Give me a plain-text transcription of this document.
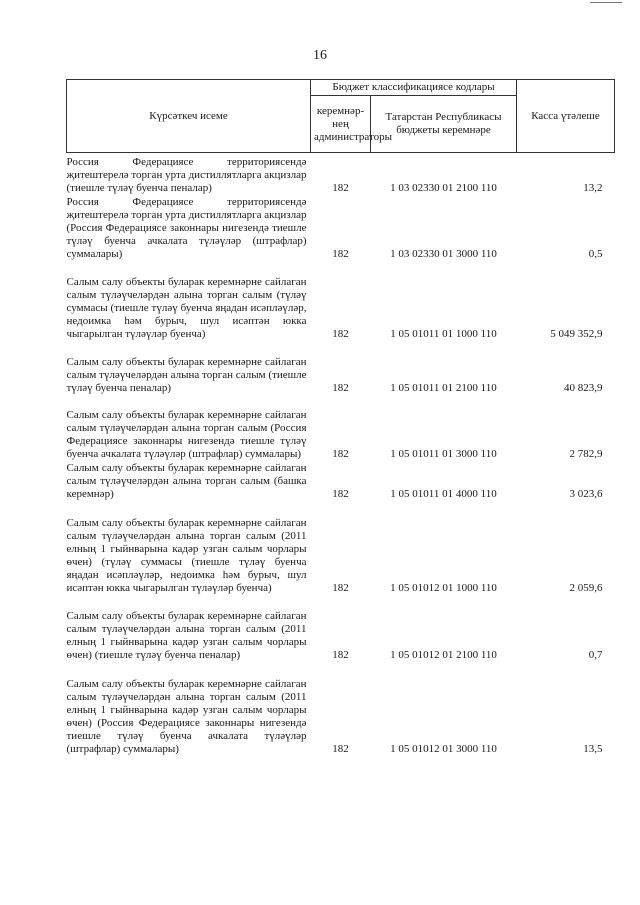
16
Күрсәткеч исеме	Бюджет классификациясе кодлары		Касса үтәлеше
	керемнәр-нең администраторы	Татарстан Республикасы бюджеты керемнәре	
Россия Федерациясе территориясендә җитештерелә торган урта дистиллятларга акцизлар (тиешле түләү буенча пеналар)	182	1 03 02330 01 2100 110	13,2
Россия Федерациясе территориясендә җитештерелә торган урта дистиллятларга акцизлар (Россия Федерациясе законнары нигезендә тиешле түләү буенча ачкалата түләүләр (штрафлар) суммалары)	182	1 03 02330 01 3000 110	0,5
Салым салу объекты буларак керемнәрне сайлаган салым түләүчеләрдән алына торган салым (түләү суммасы (тиешле түләү буенча яңадан исәпләүләр, недоимка һәм бурыч, шул исәптән юкка чыгарылган түләүләр буенча)	182	1 05 01011 01 1000 110	5 049 352,9
Салым салу объекты буларак керемнәрне сайлаган салым түләүчеләрдән алына торган салым (тиешле түләү буенча пеналар)	182	1 05 01011 01 2100 110	40 823,9
Салым салу объекты буларак керемнәрне сайлаган салым түләүчеләрдән алына торган салым (Россия Федерациясе законнары нигезендә тиешле түләү буенча ачкалата түләүләр (штрафлар) суммалары)	182	1 05 01011 01 3000 110	2 782,9
Салым салу объекты буларак керемнәрне сайлаган салым түләүчеләрдән алына торган салым (башка керемнәр)	182	1 05 01011 01 4000 110	3 023,6
Салым салу объекты буларак керемнәрне сайлаган салым түләүчеләрдән алына торган салым (2011 елның 1 гыйнварына кадәр узган салым чорлары өчен) (түләү суммасы (тиешле түләү буенча яңадан исәпләүләр, недоимка һәм бурыч, шул исәптән юкка чыгарылган түләүләр буенча)	182	1 05 01012 01 1000 110	2 059,6
Салым салу объекты буларак керемнәрне сайлаган салым түләүчеләрдән алына торган салым (2011 елның 1 гыйнварына кадәр узган салым чорлары өчен) (тиешле түләү буенча пеналар)	182	1 05 01012 01 2100 110	0,7
Салым салу объекты буларак керемнәрне сайлаган салым түләүчеләрдән алына торган салым (2011 елның 1 гыйнварына кадәр узган салым чорлары өчен) (Россия Федерациясе законнары нигезендә тиешле түләү буенча ачкалата түләүләр (штрафлар) суммалары)	182	1 05 01012 01 3000 110	13,5
